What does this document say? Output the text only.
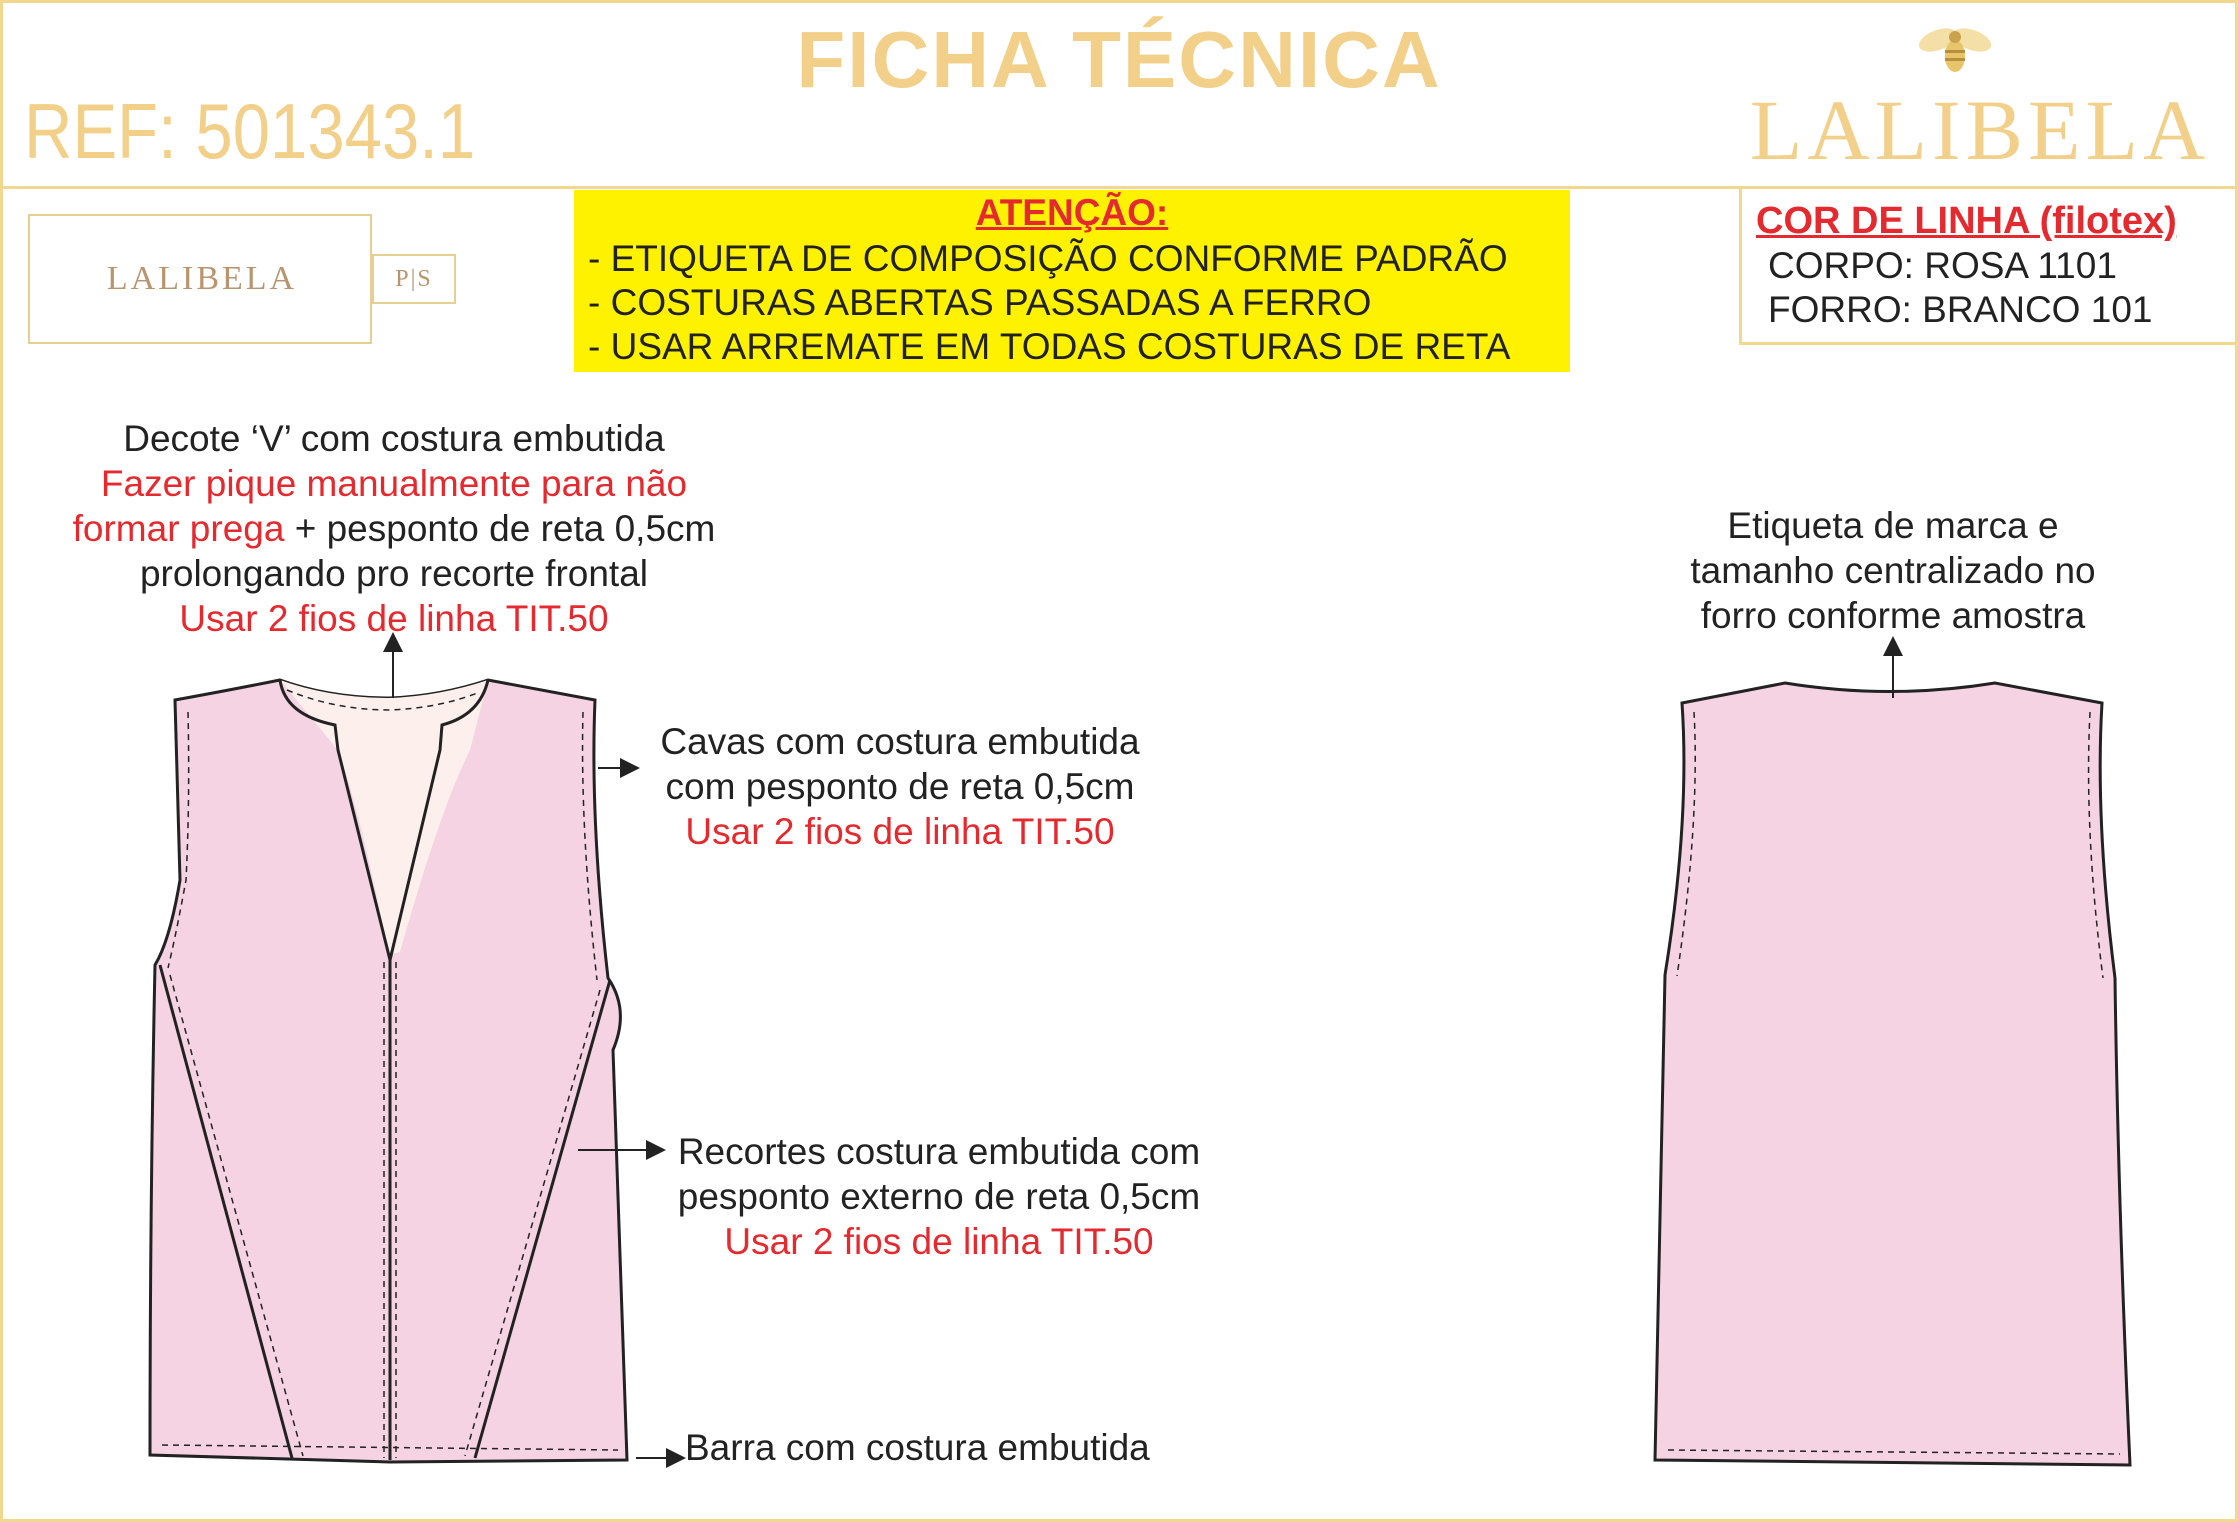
FICHA TÉCNICA
REF: 501343.1	LALIBELA
LALIBELA	P|S
ATENÇÃO:
- ETIQUETA DE COMPOSIÇÃO CONFORME PADRÃO
- COSTURAS ABERTAS PASSADAS A FERRO
- USAR ARREMATE EM TODAS COSTURAS DE RETA
COR DE LINHA (filotex)
CORPO: ROSA 1101
FORRO: BRANCO 101
Decote ‘V’ com costura embutida
Fazer pique manualmente para não
formar prega + pesponto de reta 0,5cm
prolongando pro recorte frontal
Usar 2 fios de linha TIT.50
Cavas com costura embutida
com pesponto de reta 0,5cm
Usar 2 fios de linha TIT.50
Recortes costura embutida com
pesponto externo de reta 0,5cm
Usar 2 fios de linha TIT.50
Barra com costura embutida
Etiqueta de marca e
tamanho centralizado no
forro conforme amostra
